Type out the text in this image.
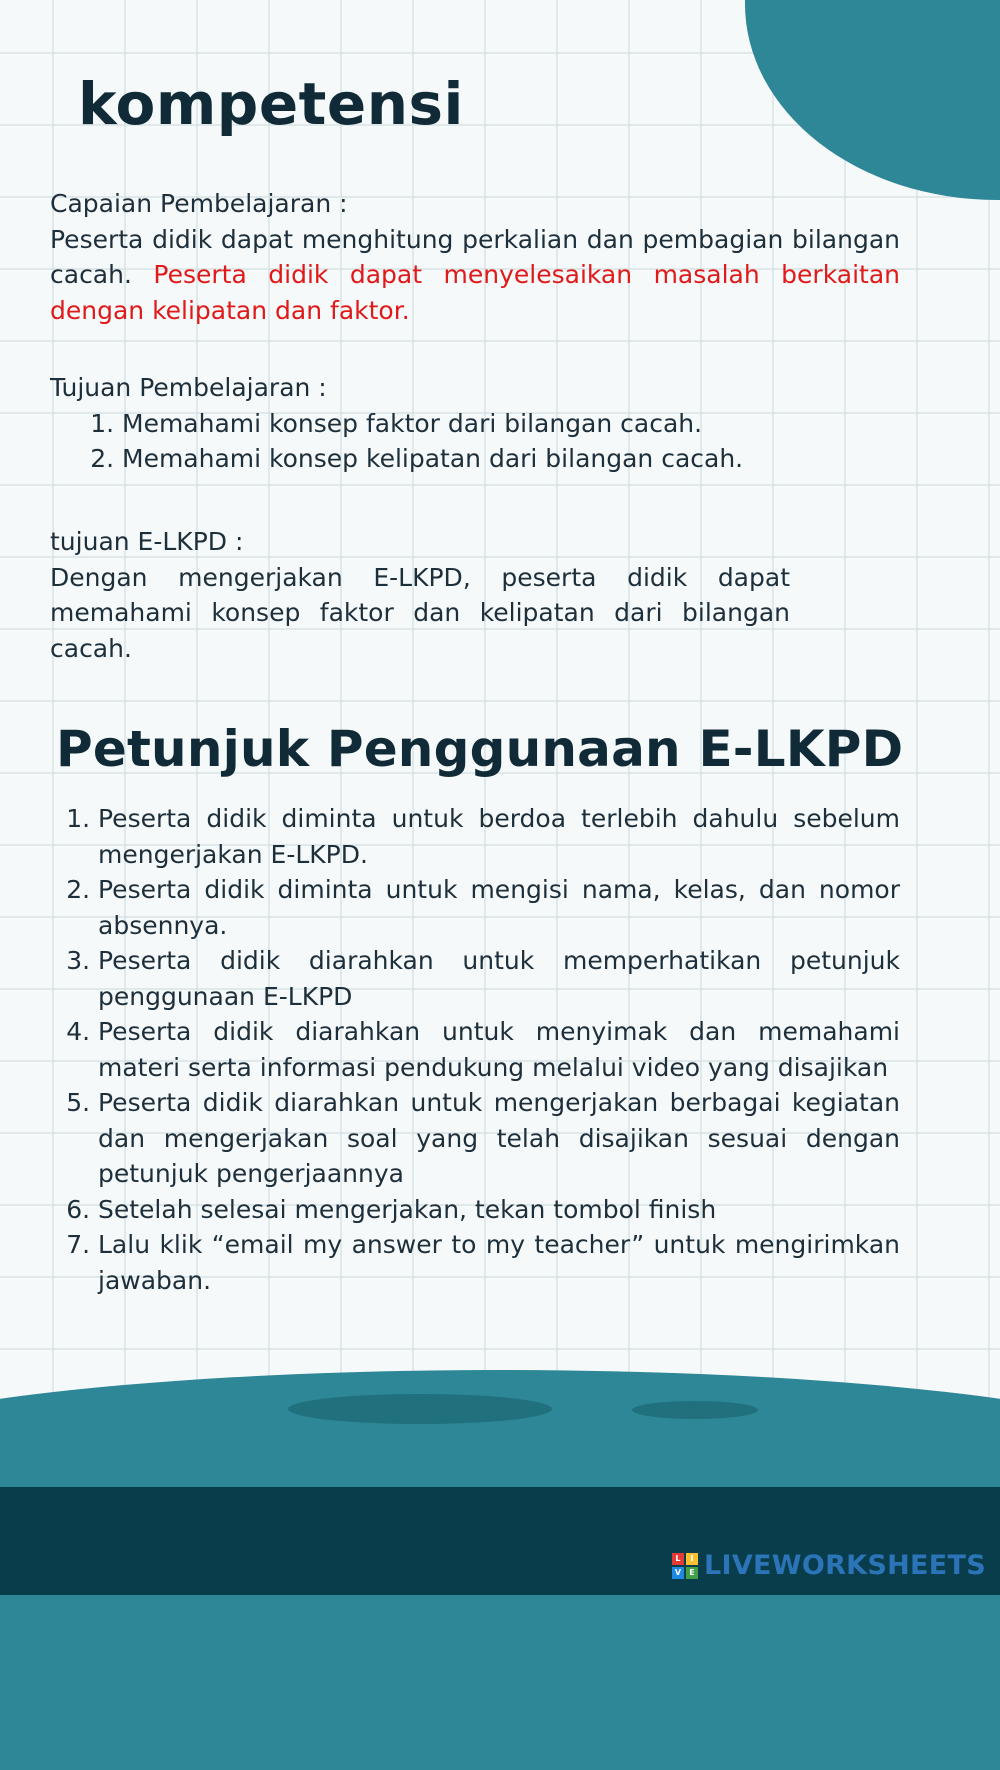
kompetensi

Capaian Pembelajaran :

Peserta didik dapat menghitung perkalian dan pembagian bilangan cacah. Peserta didik dapat menyelesaikan masalah berkaitan dengan kelipatan dan faktor.

Tujuan Pembelajaran :

1. Memahami konsep faktor dari bilangan cacah.
2. Memahami konsep kelipatan dari bilangan cacah.

tujuan E-LKPD :

Dengan mengerjakan E-LKPD, peserta didik dapat memahami konsep faktor dan kelipatan dari bilangan cacah.

Petunjuk Penggunaan E-LKPD
1. Peserta didik diminta untuk berdoa terlebih dahulu sebelum mengerjakan E-LKPD.
2. Peserta didik diminta untuk mengisi nama, kelas, dan nomor absennya.
3. Peserta didik diarahkan untuk memperhatikan petunjuk penggunaan E-LKPD
4. Peserta didik diarahkan untuk menyimak dan memahami materi serta informasi pendukung melalui video yang disajikan
5. Peserta didik diarahkan untuk mengerjakan berbagai kegiatan dan mengerjakan soal yang telah disajikan sesuai dengan petunjuk pengerjaannya
6. Setelah selesai mengerjakan, tekan tombol finish
7. Lalu klik “email my answer to my teacher” untuk mengirimkan jawaban.
L	I
V	E LIVEWORKSHEETS
